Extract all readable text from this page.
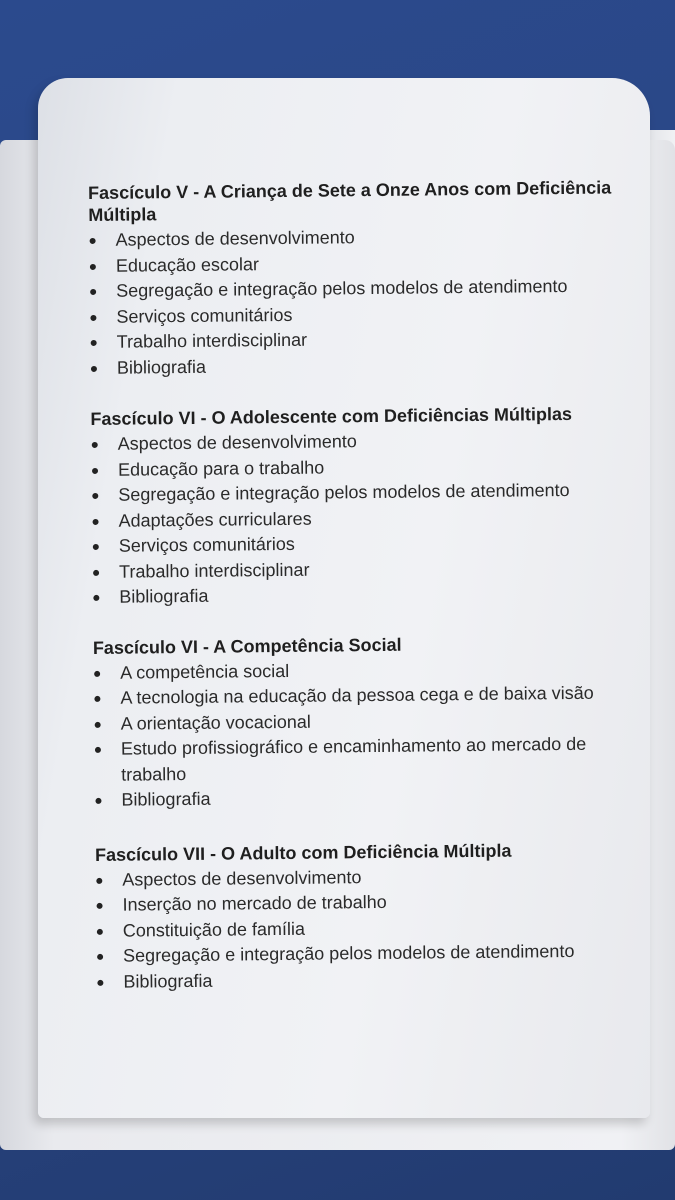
Fascículo V - A Criança de Sete a Onze Anos com Deficiência Múltipla
Aspectos de desenvolvimento
Educação escolar
Segregação e integração pelos modelos de atendimento
Serviços comunitários
Trabalho interdisciplinar
Bibliografia
Fascículo VI - O Adolescente com Deficiências Múltiplas
Aspectos de desenvolvimento
Educação para o trabalho
Segregação e integração pelos modelos de atendimento
Adaptações curriculares
Serviços comunitários
Trabalho interdisciplinar
Bibliografia
Fascículo VI - A Competência Social
A competência social
A tecnologia na educação da pessoa cega e de baixa visão
A orientação vocacional
Estudo profissiográfico e encaminhamento ao mercado de trabalho
Bibliografia
Fascículo VII - O Adulto com Deficiência Múltipla
Aspectos de desenvolvimento
Inserção no mercado de trabalho
Constituição de família
Segregação e integração pelos modelos de atendimento
Bibliografia
